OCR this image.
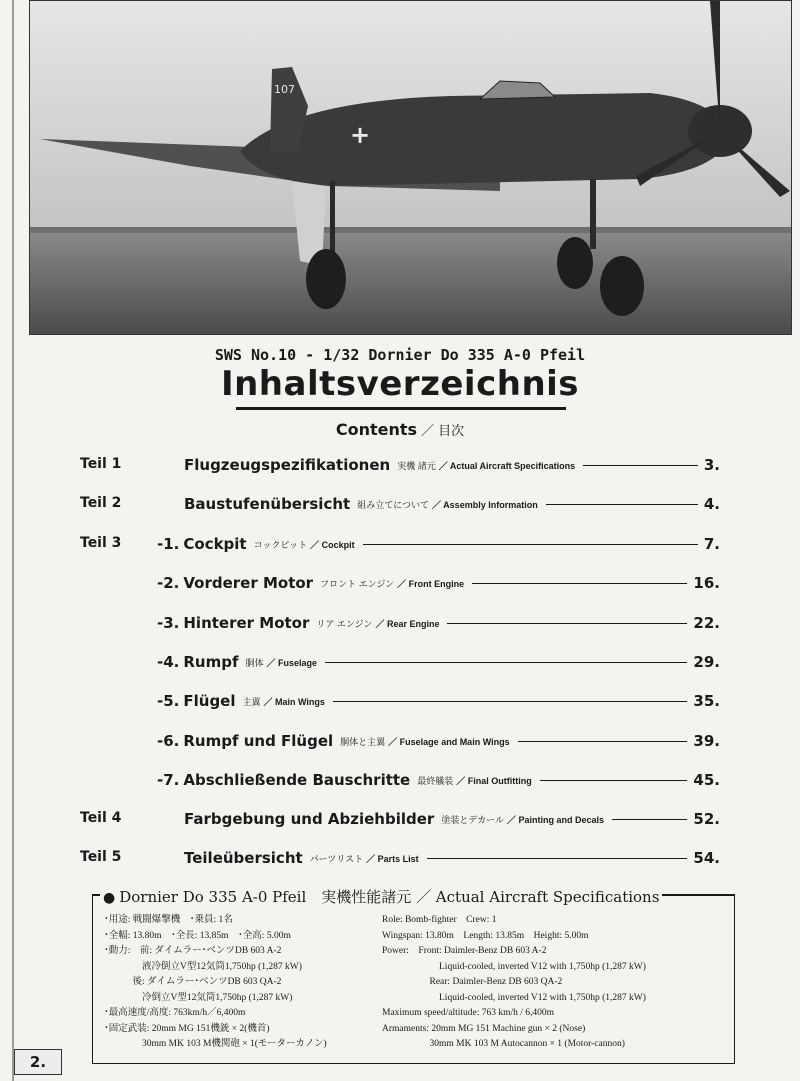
107
+
SWS No.10 - 1/32 Dornier Do 335 A-0 Pfeil
Inhaltsverzeichnis
Contents ／ 目次
Teil 1	Flugzeugspezifikationen 実機 諸元 ／ Actual Aircraft Specifications	3.
Teil 2	Baustufenübersicht 組み立てについて ／ Assembly Information	4.
Teil 3 -1. Cockpit コックピット ／ Cockpit	7.
-2. Vorderer Motor フロント エンジン ／ Front Engine	16.
-3. Hinterer Motor リア エンジン ／ Rear Engine	22.
-4. Rumpf 胴体 ／ Fuselage	29.
-5. Flügel 主翼 ／ Main Wings	35.
-6. Rumpf und Flügel 胴体と主翼 ／ Fuselage and Main Wings	39.
-7. Abschließende Bauschritte 最終艤装 ／ Final Outfitting	45.
Teil 4	Farbgebung und Abziehbilder 塗装とデカール ／ Painting and Decals	52.
Teil 5	Teileübersicht パーツリスト ／ Parts List	54.
● Dornier Do 335 A-0 Pfeil　実機性能諸元 ／ Actual Aircraft Specifications
･用途: 戦闘爆撃機　･乗員: 1名
･全幅: 13.80m　･全長: 13.85m　･全高: 5.00m
･動力:　前: ダイムラー･ベンツDB 603 A-2
　　　　液冷倒立V型12気筒1,750hp (1,287 kW)
　　　後: ダイムラー･ベンツDB 603 QA-2
　　　　冷倒立V型12気筒1,750hp (1,287 kW)
･最高速度/高度: 763km/h／6,400m
･固定武装: 20mm MG 151機銃 × 2(機首)
　　　　30mm MK 103 M機関砲 × 1(モーターカノン)
Role: Bomb-fighter　Crew: 1
Wingspan: 13.80m　Length: 13.85m　Height: 5.00m
Power:　Front: Daimler-Benz DB 603 A-2
　　　　　　Liquid-cooled, inverted V12 with 1,750hp (1,287 kW)
　　　　　Rear: Daimler-Benz DB 603 QA-2
　　　　　　Liquid-cooled, inverted V12 with 1,750hp (1,287 kW)
Maximum speed/altitude: 763 km/h / 6,400m
Armaments: 20mm MG 151 Machine gun × 2 (Nose)
　　　　　30mm MK 103 M Autocannon × 1 (Motor-cannon)
2.
